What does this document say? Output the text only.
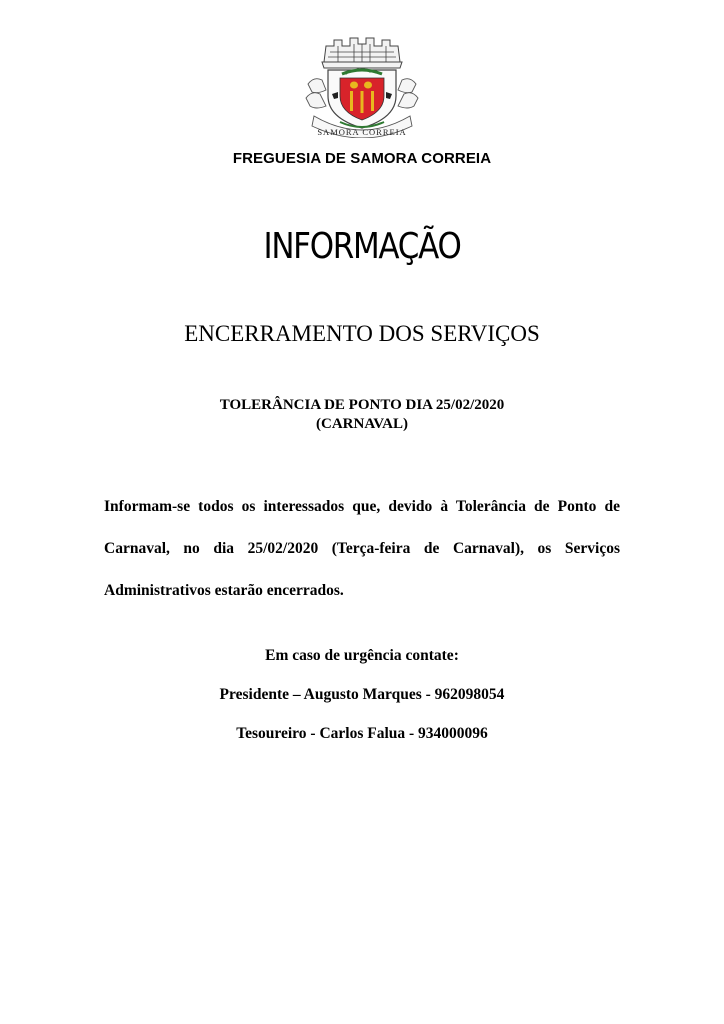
SAMORA CORREIA
FREGUESIA DE SAMORA CORREIA
INFORMAÇÃO
ENCERRAMENTO DOS SERVIÇOS
TOLERÂNCIA DE PONTO DIA 25/02/2020
(CARNAVAL)
Informam-se todos os interessados que, devido à Tolerância de Ponto de Carnaval, no dia 25/02/2020 (Terça-feira de Carnaval), os Serviços Administrativos estarão encerrados.
Em caso de urgência contate:
Presidente – Augusto Marques - 962098054
Tesoureiro - Carlos Falua - 934000096
